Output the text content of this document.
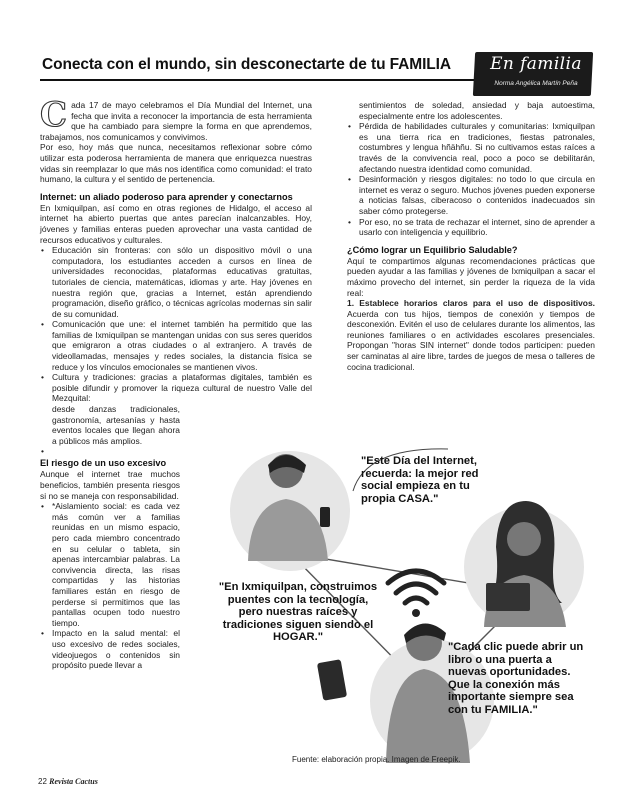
Conecta con el mundo, sin desconectarte de tu FAMILIA	En familia
Norma Angélica Martín Peña

Cada 17 de mayo celebramos el Día Mundial del Internet, una fecha que invita a reconocer la importancia de esta herramienta que ha cambiado para siempre la forma en que aprendemos, trabajamos, nos comunicamos y convivimos.

Por eso, hoy más que nunca, necesitamos reflexionar sobre cómo utilizar esta poderosa herramienta de manera que enriquezca nuestras vidas sin reemplazar lo que más nos identifica como comunidad: el trato humano, la cultura y el sentido de pertenencia.

Internet: un aliado poderoso para aprender y conectarnos

En Ixmiquilpan, así como en otras regiones de Hidalgo, el acceso al internet ha abierto puertas que antes parecían inalcanzables. Hoy, jóvenes y familias enteras pueden aprovechar una vasta cantidad de recursos educativos y culturales.

• Educación sin fronteras: con sólo un dispositivo móvil o una computadora, los estudiantes acceden a cursos en línea de universidades reconocidas, plataformas educativas gratuitas, tutoriales de ciencia, matemáticas, idiomas y arte. Hay jóvenes en nuestra región que, gracias a Internet, están aprendiendo programación, diseño gráfico, o técnicas agrícolas modernas sin salir de su comunidad.
• Comunicación que une: el internet también ha permitido que las familias de Ixmiquilpan se mantengan unidas con sus seres queridos que emigraron a otras ciudades o al extranjero. A través de videollamadas, mensajes y redes sociales, la distancia física se reduce y los vínculos emocionales se mantienen vivos.
• Cultura y tradiciones: gracias a plataformas digitales, también es posible difundir y promover la riqueza cultural de nuestro Valle del Mezquital:

desde danzas tradicionales, gastronomía, artesanías y hasta eventos locales que llegan ahora a públicos más amplios.

•
El riesgo de un uso excesivo

Aunque el internet trae muchos beneficios, también presenta riesgos si no se maneja con responsabilidad.

• *Aislamiento social: es cada vez más común ver a familias reunidas en un mismo espacio, pero cada miembro concentrado en su celular o tableta, sin apenas intercambiar palabras. La convivencia directa, las risas compartidas y las historias familiares están en riesgo de perderse si permitimos que las pantallas ocupen todo nuestro tiempo.
• Impacto en la salud mental: el uso excesivo de redes sociales, videojuegos o contenidos sin propósito puede llevar a

sentimientos de soledad, ansiedad y baja autoestima, especialmente entre los adolescentes.

• Pérdida de habilidades culturales y comunitarias: Ixmiquilpan es una tierra rica en tradiciones, fiestas patronales, costumbres y lengua hñähñu. Si no cultivamos estas raíces a través de la convivencia real, poco a poco se debilitarán, afectando nuestra identidad como comunidad.
• Desinformación y riesgos digitales: no todo lo que circula en internet es veraz o seguro. Muchos jóvenes pueden exponerse a noticias falsas, ciberacoso o contenidos inadecuados sin saber cómo protegerse.
• Por eso, no se trata de rechazar el internet, sino de aprender a usarlo con inteligencia y equilibrio.
¿Cómo lograr un Equilibrio Saludable?

Aquí te compartimos algunas recomendaciones prácticas que pueden ayudar a las familias y jóvenes de Ixmiquilpan a sacar el máximo provecho del internet, sin perder la riqueza de la vida real:

1. Establece horarios claros para el uso de dispositivos. Acuerda con tus hijos, tiempos de conexión y tiempos de desconexión. Evitén el uso de celulares durante los alimentos, las reuniones familiares o en actividades escolares presenciales. Propongan "horas SIN internet" donde todos participen: pueden ser caminatas al aire libre, tardes de juegos de mesa o talleres de cocina tradicional.

"Este Día del Internet, recuerda: la mejor red social empieza en tu propia CASA."
"En Ixmiquilpan, construimos puentes con la tecnología, pero nuestras raíces y tradiciones siguen siendo el HOGAR."
"Cada clic puede abrir un libro o una puerta a nuevas oportunidades. Que la conexión más importante siempre sea con tu FAMILIA."
Fuente: elaboración propia. Imagen de Freepik.
22 Revista Cactus
